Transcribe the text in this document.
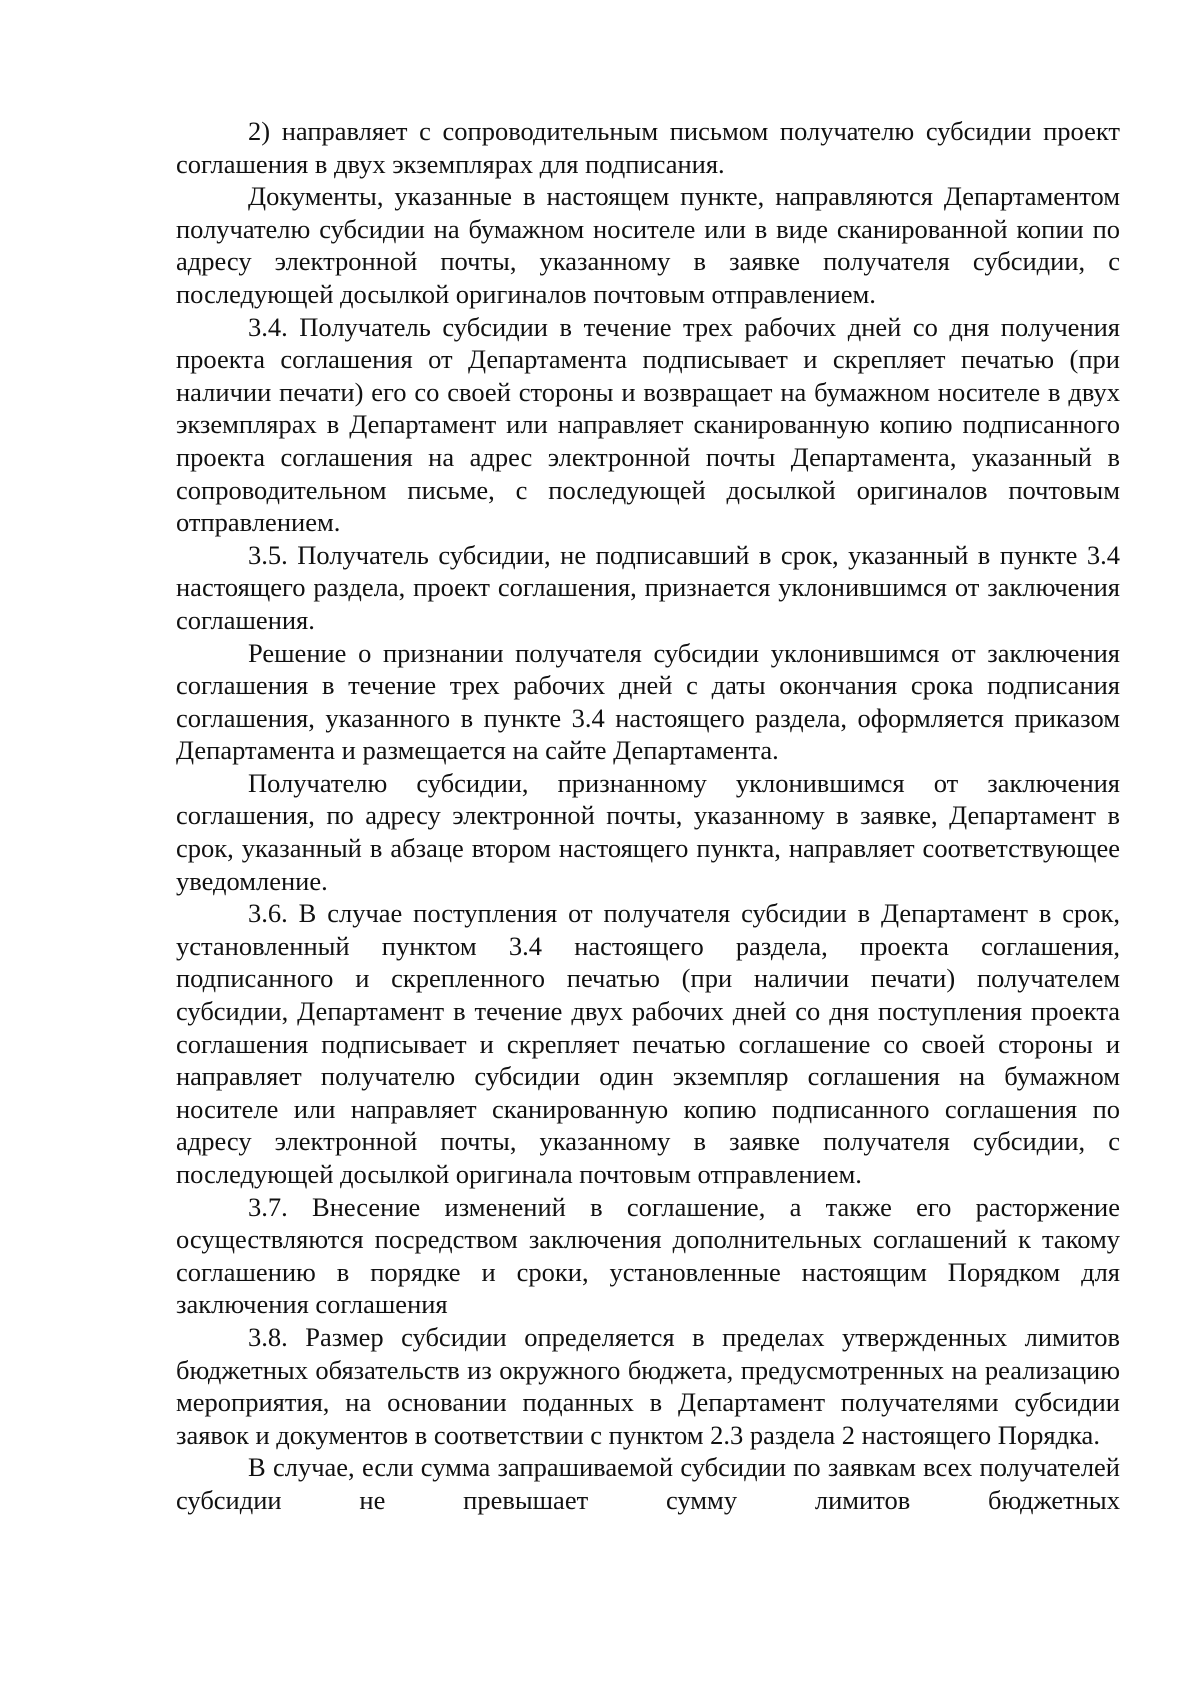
2) направляет с сопроводительным письмом получателю субсидии проект соглашения в двух экземплярах для подписания.

Документы, указанные в настоящем пункте, направляются Департаментом получателю субсидии на бумажном носителе или в виде сканированной копии по адресу электронной почты, указанному в заявке получателя субсидии, с последующей досылкой оригиналов почтовым отправлением.

3.4. Получатель субсидии в течение трех рабочих дней со дня получения проекта соглашения от Департамента подписывает и скрепляет печатью (при наличии печати) его со своей стороны и возвращает на бумажном носителе в двух экземплярах в Департамент или направляет сканированную копию подписанного проекта соглашения на адрес электронной почты Департамента, указанный в сопроводительном письме, с последующей досылкой оригиналов почтовым отправлением.

3.5. Получатель субсидии, не подписавший в срок, указанный в пункте 3.4 настоящего раздела, проект соглашения, признается уклонившимся от заключения соглашения.

Решение о признании получателя субсидии уклонившимся от заключения соглашения в течение трех рабочих дней с даты окончания срока подписания соглашения, указанного в пункте 3.4 настоящего раздела, оформляется приказом Департамента и размещается на сайте Департамента.

Получателю субсидии, признанному уклонившимся от заключения соглашения, по адресу электронной почты, указанному в заявке, Департамент в срок, указанный в абзаце втором настоящего пункта, направляет соответствующее уведомление.

3.6. В случае поступления от получателя субсидии в Департамент в срок, установленный пунктом 3.4 настоящего раздела, проекта соглашения, подписанного и скрепленного печатью (при наличии печати) получателем субсидии, Департамент в течение двух рабочих дней со дня поступления проекта соглашения подписывает и скрепляет печатью соглашение со своей стороны и направляет получателю субсидии один экземпляр соглашения на бумажном носителе или направляет сканированную копию подписанного соглашения по адресу электронной почты, указанному в заявке получателя субсидии, с последующей досылкой оригинала почтовым отправлением.

3.7. Внесение изменений в соглашение, а также его расторжение осуществляются посредством заключения дополнительных соглашений к такому соглашению в порядке и сроки, установленные настоящим Порядком для заключения соглашения

3.8. Размер субсидии определяется в пределах утвержденных лимитов бюджетных обязательств из окружного бюджета, предусмотренных на реализацию мероприятия, на основании поданных в Департамент получателями субсидии заявок и документов в соответствии с пунктом 2.3 раздела 2 настоящего Порядка.

В случае, если сумма запрашиваемой субсидии по заявкам всех получателей субсидии не превышает сумму лимитов бюджетных
